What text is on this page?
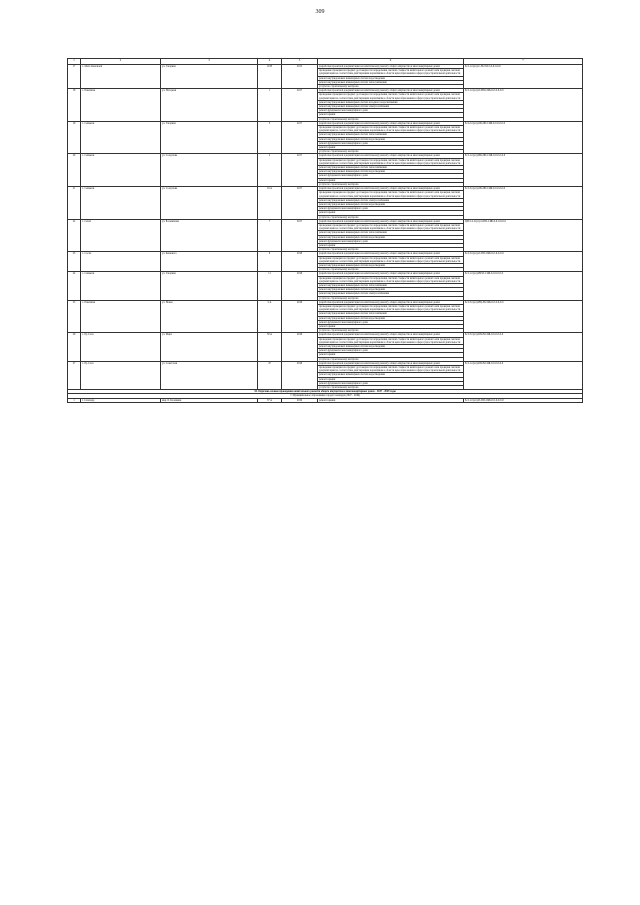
309
1	2	3	4	5	6	7
17	с. Малт-Камсилей	ул. Гагарина	16 В	2015	разработка проектной документации на капитальному ремонту общего имущества в многоквартирных домах	Б-3-1-С(кт)-С-Н-СМ-5-0-0-0-0-0
					проведение проверки на предмет достоверности определения сметной стоимости капитального ремонта или проверки сметной документации на соответствие действующим нормативам в области ценообразования в сфере градостроительной деятельности	
					ремонт внутридомовых инженерных систем водоотведения	
					ремонт внутридомовых инженерных систем теплоснабжения	
					услуги по строительному контролю	
18	с. Павлипея	ул. Нагорная	1	2017	разработка проектной документации на капитальному ремонту общего имущества в многоквартирных домах	Б-3-1-С(кт)-О-ВП-СЯБ-0-0-0-0-0-0
					проведение проверки на предмет достоверности определения сметной стоимости капитального ремонта или проверки сметной документации на соответствие действующим нормативам в области ценообразования в сфере градостроительной деятельности	
					ремонт внутридомовых инженерных систем холодного водоснабжения	
					ремонт внутридомовых инженерных систем электроснабжения	
					ремонт фундамента многоквартирного дома	
					ремонт крыши	
					услуги по строительному контролю	
19	с. Сеймели	ул. Гагарина	3	2017	разработка проектной документации на капитальному ремонту общего имущества в многоквартирных домах	Б-3-2-С(кт)-ОБ-ПП-СЯБ-0-0-0-0-0-0
					проведение проверки на предмет достоверности определения сметной стоимости капитального ремонта или проверки сметной документации на соответствие действующим нормативам в области ценообразования в сфере градостроительной деятельности	
					ремонт внутридомовых инженерных систем теплоснабжения	
					ремонт внутридомовых инженерных систем водоотведения	
					ремонт фундамента многоквартирного дома	
					ремонт крыши	
					услуги по строительному контролю	
20	с. Сеймели	ул. Солдатова	2	2017	разработка проектной документации на капитальному ремонту общего имущества в многоквартирных домах	Б-3-1-С(кт)-ВК-ПП-СЯБ-0-0-0-0-0-0
					проведение проверки на предмет достоверности определения сметной стоимости капитального ремонта или проверки сметной документации на соответствие действующим нормативам в области ценообразования в сфере градостроительной деятельности	
					ремонт внутридомовых инженерных систем теплоснабжения	
					ремонт внутридомовых инженерных систем водоотведения	
					ремонт фундамента многоквартирного дома	
					ремонт крыши	
					услуги по строительному контролю	
21	с. Сеймели	ул. Солдатова	10 А	2017	разработка проектной документации на капитальному ремонту общего имущества в многоквартирных домах	Б-3-3-С(кт)-ОБ-ПП-СЯБ-0-0-0-0-0-0
					проведение проверки на предмет достоверности определения сметной стоимости капитального ремонта или проверки сметной документации на соответствие действующим нормативам в области ценообразования в сфере градостроительной деятельности	
					ремонт внутридомовых инженерных систем электроснабжения	
					ремонт внутридомовых инженерных систем водоотведения	
					ремонт фундамента многоквартирного дома	
					ремонт крыши	
					услуги по строительному контролю	
22	с. Сепал	ул. Больничная	7	2017	разработка проектной документации на капитальному ремонту общего имущества в многоквартирных домах	ЦИ-5-2-С(кт)-О-ПП-СЯБ-0-0-0-0-0-0
					проведение проверки на предмет достоверности определения сметной стоимости капитального ремонта или проверки сметной документации на соответствие действующим нормативам в области ценообразования в сфере градостроительной деятельности	
					ремонт внутридомовых инженерных систем теплоснабжения	
					ремонт внутридомовых инженерных систем водоотведения	
					ремонт фундамента многоквартирного дома	
					ремонт крыши	
					услуги по строительному контролю	
23	с. Сосна	ул. Кошевого	9	2018	разработка проектной документации на капитальному ремонту общего имущества в многоквартирных домах	Б-3-3-С(кт)-О-ПП-СЯБ-0-0-0-0-0-0
					проведение проверки на предмет достоверности определения сметной стоимости капитального ремонта или проверки сметной документации на соответствие действующим нормативам в области ценообразования в сфере градостроительной деятельности	
					ремонт внутридомовых инженерных систем водоотведения	
					услуги по строительному контролю	
24	с. Сеймели	ул. Гагарина	11	2018	разработка проектной документации на капитальному ремонту общего имущества в многоквартирных домах	Б-3-1-С(кт)-ВР-П-СЯБ-0-0-0-0-0-0
					проведение проверки на предмет достоверности определения сметной стоимости капитального ремонта или проверки сметной документации на соответствие действующим нормативам в области ценообразования в сфере градостроительной деятельности	
					ремонт внутридомовых инженерных систем теплоснабжения	
					ремонт внутридомовых инженерных систем водоотведения	
					ремонт внутридомовых инженерных систем электроснабжения	
					услуги по строительному контролю	
25	с. Павлипея	ул. Новая	5 А	2018	разработка проектной документации на капитальному ремонту общего имущества в многоквартирных домах	Б-3-3-С(кт)-ВЦ-Н-СЯБ-0-0-0-0-0-0
					проведение проверки на предмет достоверности определения сметной стоимости капитального ремонта или проверки сметной документации на соответствие действующим нормативам в области ценообразования в сфере градостроительной деятельности	
					ремонт внутридомовых инженерных систем теплоснабжения	
					ремонт внутридомовых инженерных систем водоотведения	
					ремонт фундамента многоквартирного дома	
					ремонт крыши	
					услуги по строительному контролю	
26	с. Ру-Сала	ул. Мира	30 А	2018	разработка проектной документации на капитальному ремонту общего имущества в многоквартирных домах	Б-3-3-С(кт)-БП-Н-СЯБ-0-0-0-0-0-0
					проведение проверки на предмет достоверности определения сметной стоимости капитального ремонта или проверки сметной документации на соответствие действующим нормативам в области ценообразования в сфере градостроительной деятельности	
					ремонт внутридомовых инженерных систем водоотведения	
					ремонт фундамента многоквартирного дома	
					ремонт крыши	
					услуги по строительному контролю	
27	с. Ру-Сала	ул. Советская	47	2018	разработка проектной документации на капитальному ремонту общего имущества в многоквартирных домах	Б-3-1-С(кт)-БП-Н-СЯБ-0-0-0-0-0-0
					проведение проверки на предмет достоверности определения сметной стоимости капитального ремонта или проверки сметной документации на соответствие действующим нормативам в области ценообразования в сфере градостроительной деятельности	
					ремонт внутридомовых инженерных систем водоотведения	
					ремонт крыши	
					ремонт фундамента многоквартирного дома	
					услуги по строительному контролю	
XI. Перечень планов проведения капитального ремонта общего имущества в многоквартирных домах - 2047 - 2049 годы						
7. Муниципальное образование города Салехарда (2047 - 2049)						
1	г. Салехард	мкр. Б. Колемкин	37 А	2019	ремонт крыши	Б-3-1-С(кт)-П-ПП-СЯБ-0-0-0-0-0-0
